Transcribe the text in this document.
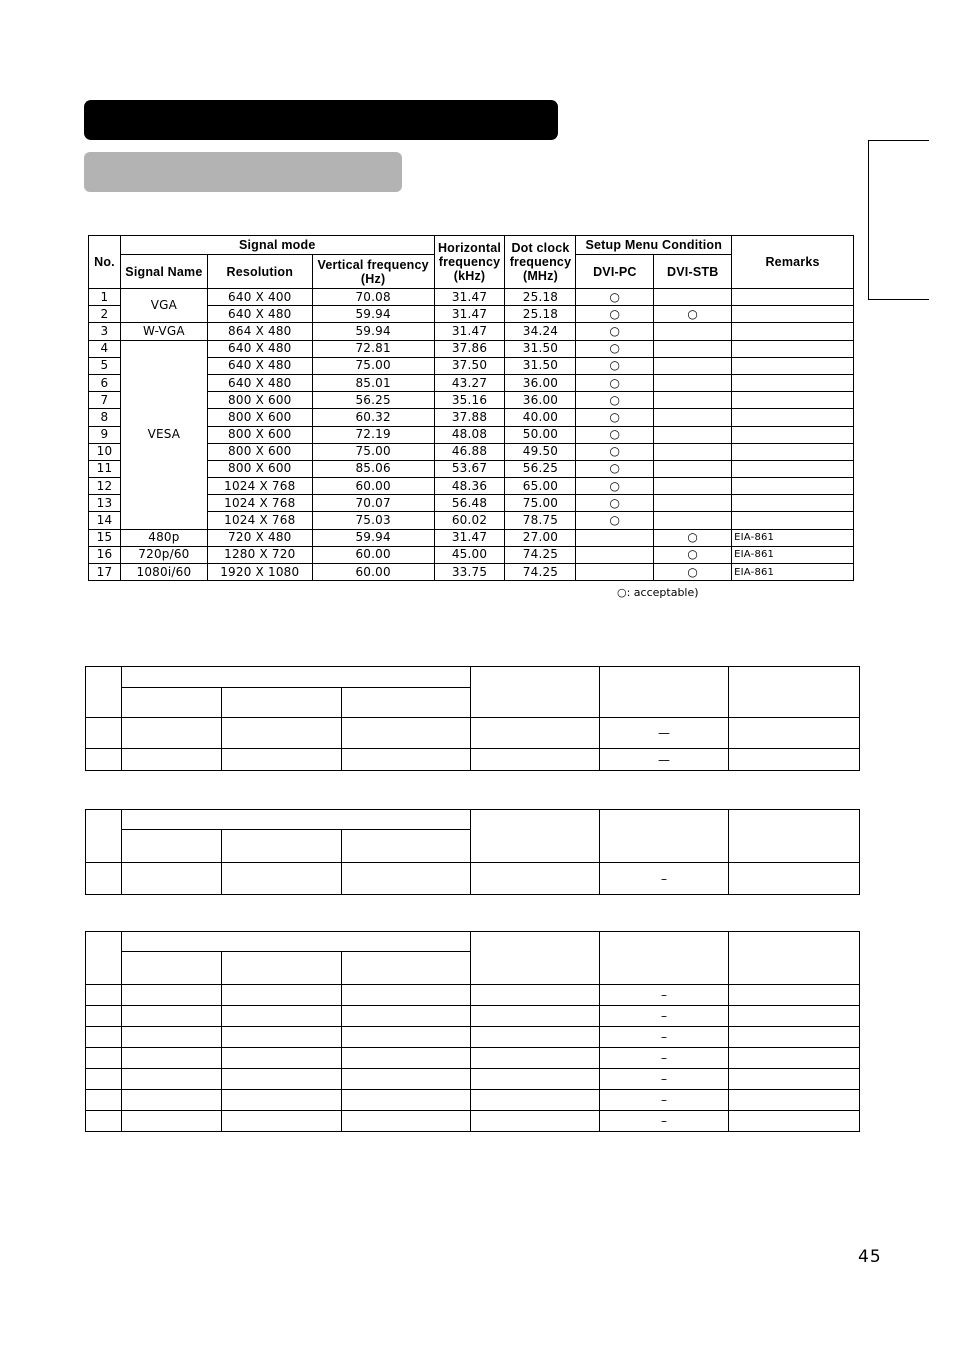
No.	Signal mode			Horizontal frequency (kHz)	Dot clock frequency (MHz)	Setup Menu Condition		Remarks
	Signal Name	Resolution	Vertical frequency (Hz)			DVI-PC	DVI-STB	
1	VGA	640 X 400	70.08	31.47	25.18	○		
2		640 X 480	59.94	31.47	25.18	○	○	
3	W-VGA	864 X 480	59.94	31.47	34.24	○		
4	VESA	640 X 480	72.81	37.86	31.50	○		
5		640 X 480	75.00	37.50	31.50	○		
6		640 X 480	85.01	43.27	36.00	○		
7		800 X 600	56.25	35.16	36.00	○		
8		800 X 600	60.32	37.88	40.00	○		
9		800 X 600	72.19	48.08	50.00	○		
10		800 X 600	75.00	46.88	49.50	○		
11		800 X 600	85.06	53.67	56.25	○		
12		1024 X 768	60.00	48.36	65.00	○		
13		1024 X 768	70.07	56.48	75.00	○		
14		1024 X 768	75.03	60.02	78.75	○		
15	480p	720 X 480	59.94	31.47	27.00		○	EIA-861
16	720p/60	1280 X 720	60.00	45.00	74.25		○	EIA-861
17	1080i/60	1920 X 1080	60.00	33.75	74.25		○	EIA-861
○: acceptable)

					—	
					—	

					–	

					–	
					–	
					–	
					–	
					–	
					–	
					–	
45
